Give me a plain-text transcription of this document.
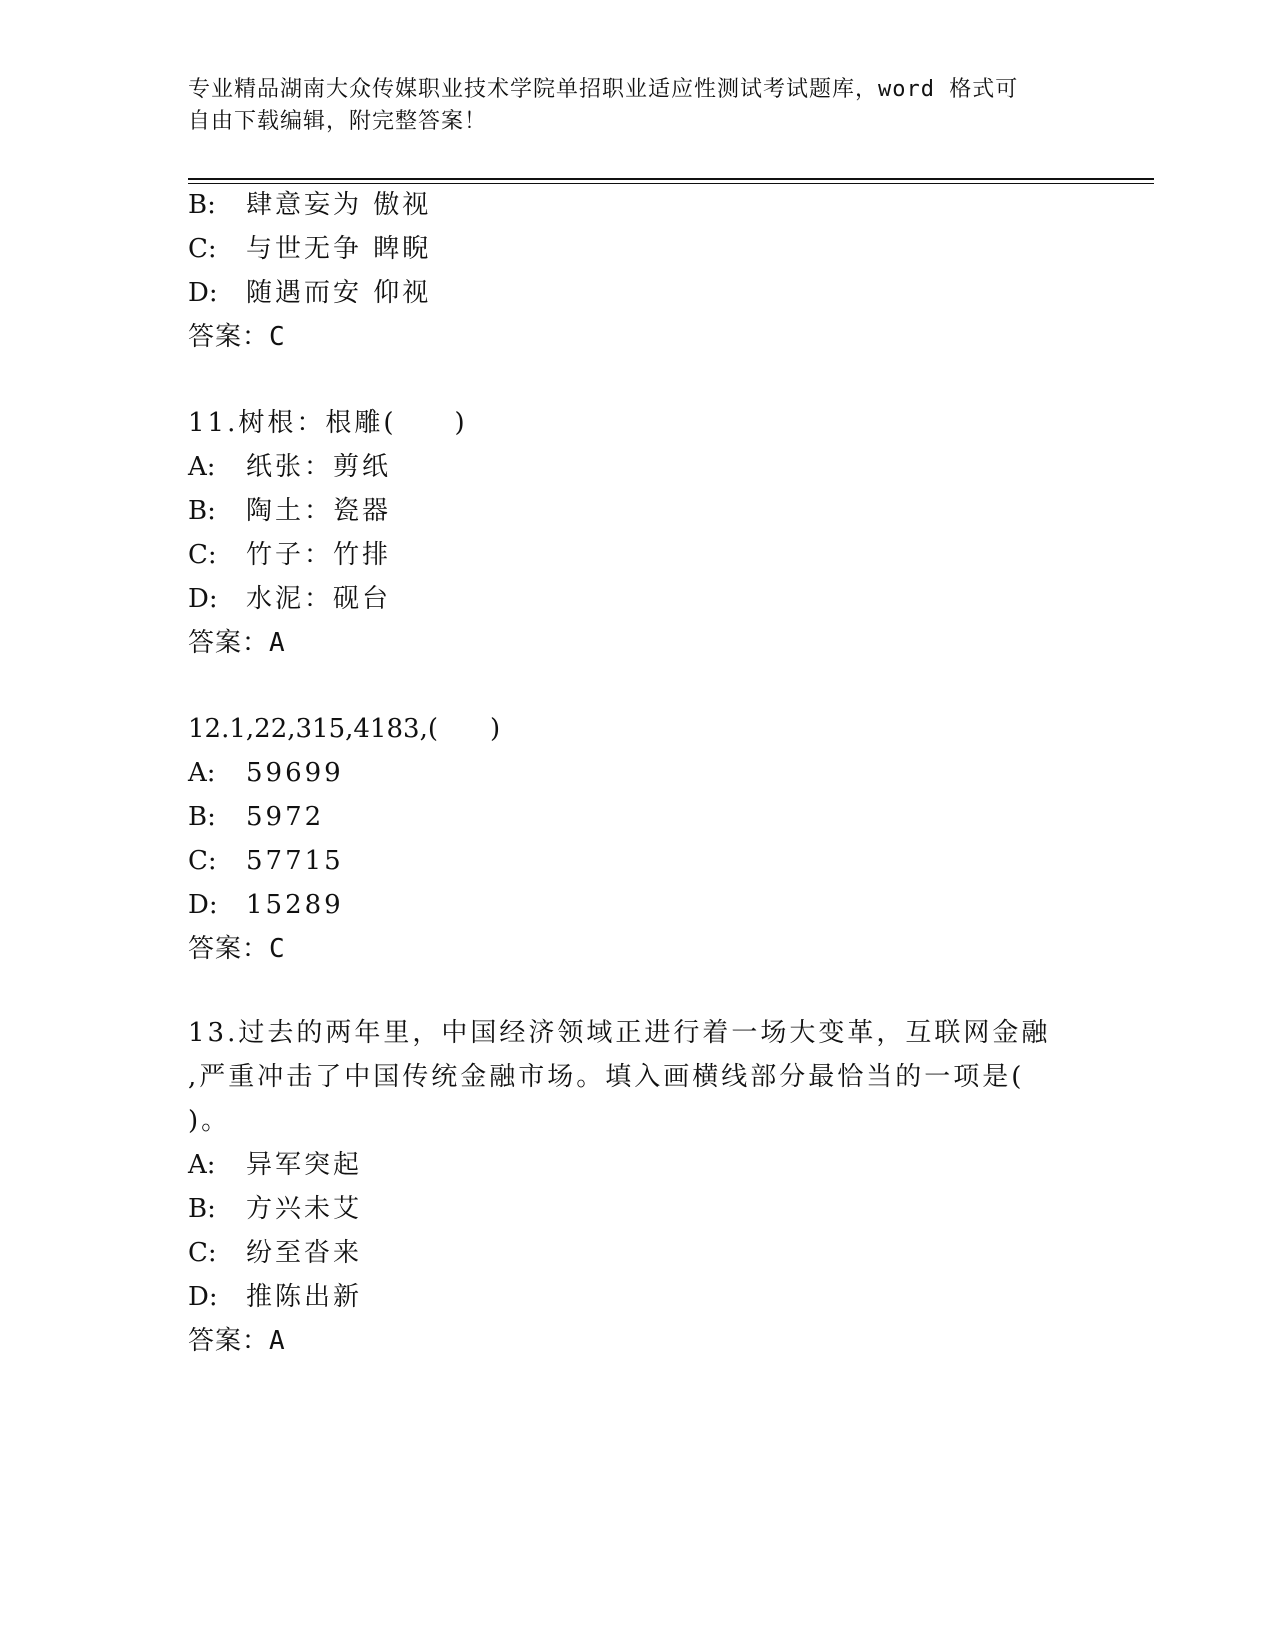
专业精品湖南大众传媒职业技术学院单招职业适应性测试考试题库，word 格式可
自由下载编辑，附完整答案！
B: 肆意妄为 傲视
C: 与世无争 睥睨
D: 随遇而安 仰视
答案：C
11.树根：根雕(　　)
A: 纸张：剪纸
B: 陶土：瓷器
C: 竹子：竹排
D: 水泥：砚台
答案：A
12.1,22,315,4183,(　　)
A: 59699
B: 5972
C: 57715
D: 15289
答案：C
13.过去的两年里，中国经济领域正进行着一场大变革，互联网金融
,严重冲击了中国传统金融市场。填入画横线部分最恰当的一项是(
)。
A: 异军突起
B: 方兴未艾
C: 纷至沓来
D: 推陈出新
答案：A
